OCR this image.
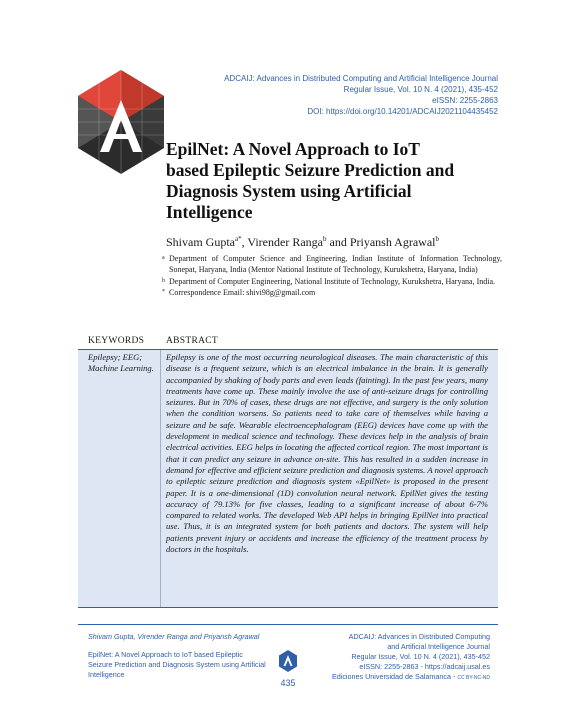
ADCAIJ: Advances in Distributed Computing and Artificial Intelligence Journal
Regular Issue, Vol. 10 N. 4 (2021), 435-452
eISSN: 2255-2863
DOI: https://doi.org/10.14201/ADCAIJ2021104435452
EpilNet: A Novel Approach to IoT based Epileptic Seizure Prediction and Diagnosis System using Artificial Intelligence
Shivam Gupta$^{a*}$, Virender Ranga$^b$ and Priyansh Agrawal$^b$
a Department of Computer Science and Engineering, Indian Institute of Information Technology, Sonepat, Haryana, India (Mentor National Institute of Technology, Kurukshetra, Haryana, India)
b Department of Computer Engineering, National Institute of Technology, Kurukshetra, Haryana, India.
* Correspondence Email: shivi98g@gmail.com
KEYWORDS ABSTRACT
Epilepsy; EEG; Machine Learning.
Epilepsy is one of the most occurring neurological diseases. The main characteristic of this disease is a frequent seizure, which is an electrical imbalance in the brain. It is generally accompanied by shaking of body parts and even leads (fainting). In the past few years, many treatments have come up. These mainly involve the use of anti-seizure drugs for controlling seizures. But in 70% of cases, these drugs are not effective, and surgery is the only solution when the condition worsens. So patients need to take care of themselves while having a seizure and be safe. Wearable electroencephalogram (EEG) devices have come up with the development in medical science and technology. These devices help in the analysis of brain electrical activities. EEG helps in locating the affected cortical region. The most important is that it can predict any seizure in advance on-site. This has resulted in a sudden increase in demand for effective and efficient seizure prediction and diagnosis systems. A novel approach to epileptic seizure prediction and diagnosis system «EpilNet» is proposed in the present paper. It is a one-dimensional (1D) convolution neural network. EpilNet gives the testing accuracy of 79.13% for five classes, leading to a significant increase of about 6-7% compared to related works. The developed Web API helps in bringing EpilNet into practical use. Thus, it is an integrated system for both patients and doctors. The system will help patients prevent injury or accidents and increase the efficiency of the treatment process by doctors in the hospitals.
Shivam Gupta, Virender Ranga and Priyansh Agrawal
EpilNet: A Novel Approach to IoT based Epileptic Seizure Prediction and Diagnosis System using Artificial Intelligence
ADCAIJ: Advances in Distributed Computing
and Artificial Intelligence Journal
Regular Issue, Vol. 10 N. 4 (2021), 435-452
eISSN: 2255-2863 - https://adcaij.usal.es
Ediciones Universidad de Salamanca - CC BY-NC-ND
435
